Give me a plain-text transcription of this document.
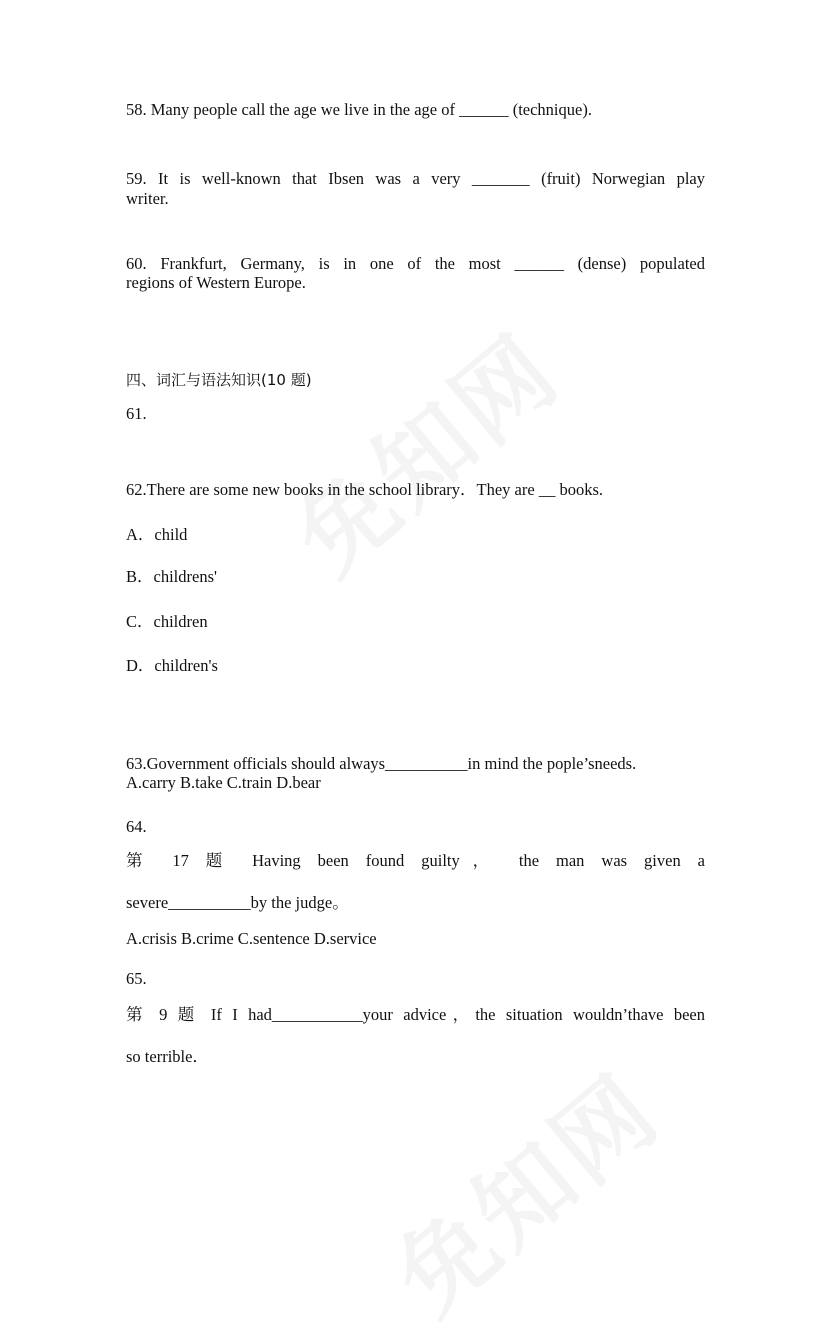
58. Many people call the age we live in the age of ______ (technique).
59. It is well-known that Ibsen was a very _______ (fruit) Norwegian play
writer.
60. Frankfurt, Germany, is in one of the most ______ (dense) populated
regions of Western Europe.
四、词汇与语法知识(10 题)
61.
62.There are some new books in the school library．They are __ books.
A．child
B．childrens'
C．children
D．children's
63.Government officials should always__________in mind the pople’sneeds.
A.carry B.take C.train D.bear
64.
第 17 题 Having been found guilty， the man was given a
severe__________by the judge。
A.crisis B.crime C.sentence D.service
65.
第 9 题 If I had___________your advice，the situation wouldn’thave been
so terrible．
